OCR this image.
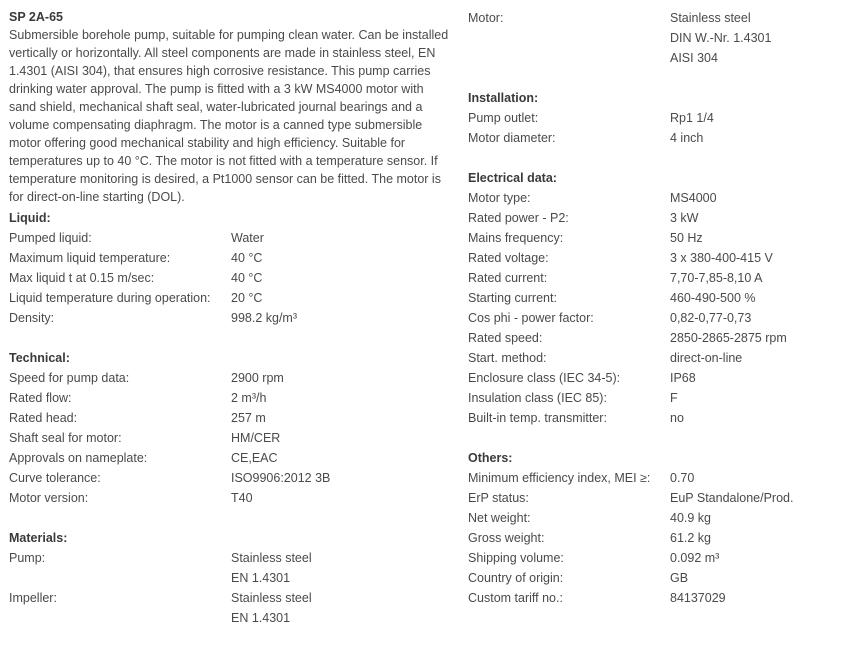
SP 2A-65

Submersible borehole pump, suitable for pumping clean water. Can be installed vertically or horizontally. All steel components are made in stainless steel, EN 1.4301 (AISI 304), that ensures high corrosive resistance. This pump carries drinking water approval. The pump is fitted with a 3 kW MS4000 motor with sand shield, mechanical shaft seal, water-lubricated journal bearings and a volume compensating diaphragm. The motor is a canned type submersible motor offering good mechanical stability and high efficiency. Suitable for temperatures up to 40 °C. The motor is not fitted with a temperature sensor. If temperature monitoring is desired, a Pt1000 sensor can be fitted. The motor is for direct-on-line starting (DOL).

Liquid:
Pumped liquid:	Water
Maximum liquid temperature:	40 °C
Max liquid t at 0.15 m/sec:	40 °C
Liquid temperature during operation:	20 °C
Density:	998.2 kg/m³
Technical:
Speed for pump data:	2900 rpm
Rated flow:	2 m³/h
Rated head:	257 m
Shaft seal for motor:	HM/CER
Approvals on nameplate:	CE,EAC
Curve tolerance:	ISO9906:2012 3B
Motor version:	T40
Materials:
Pump:	Stainless steel
EN 1.4301
Impeller:	Stainless steel
EN 1.4301
Motor:	Stainless steel
DIN W.-Nr. 1.4301
AISI 304
Installation:
Pump outlet:	Rp1 1/4
Motor diameter:	4 inch
Electrical data:
Motor type:	MS4000
Rated power - P2:	3 kW
Mains frequency:	50 Hz
Rated voltage:	3 x 380-400-415 V
Rated current:	7,70-7,85-8,10 A
Starting current:	460-490-500 %
Cos phi - power factor:	0,82-0,77-0,73
Rated speed:	2850-2865-2875 rpm
Start. method:	direct-on-line
Enclosure class (IEC 34-5):	IP68
Insulation class (IEC 85):	F
Built-in temp. transmitter:	no
Others:
Minimum efficiency index, MEI ≥:	0.70
ErP status:	EuP Standalone/Prod.
Net weight:	40.9 kg
Gross weight:	61.2 kg
Shipping volume:	0.092 m³
Country of origin:	GB
Custom tariff no.:	84137029
